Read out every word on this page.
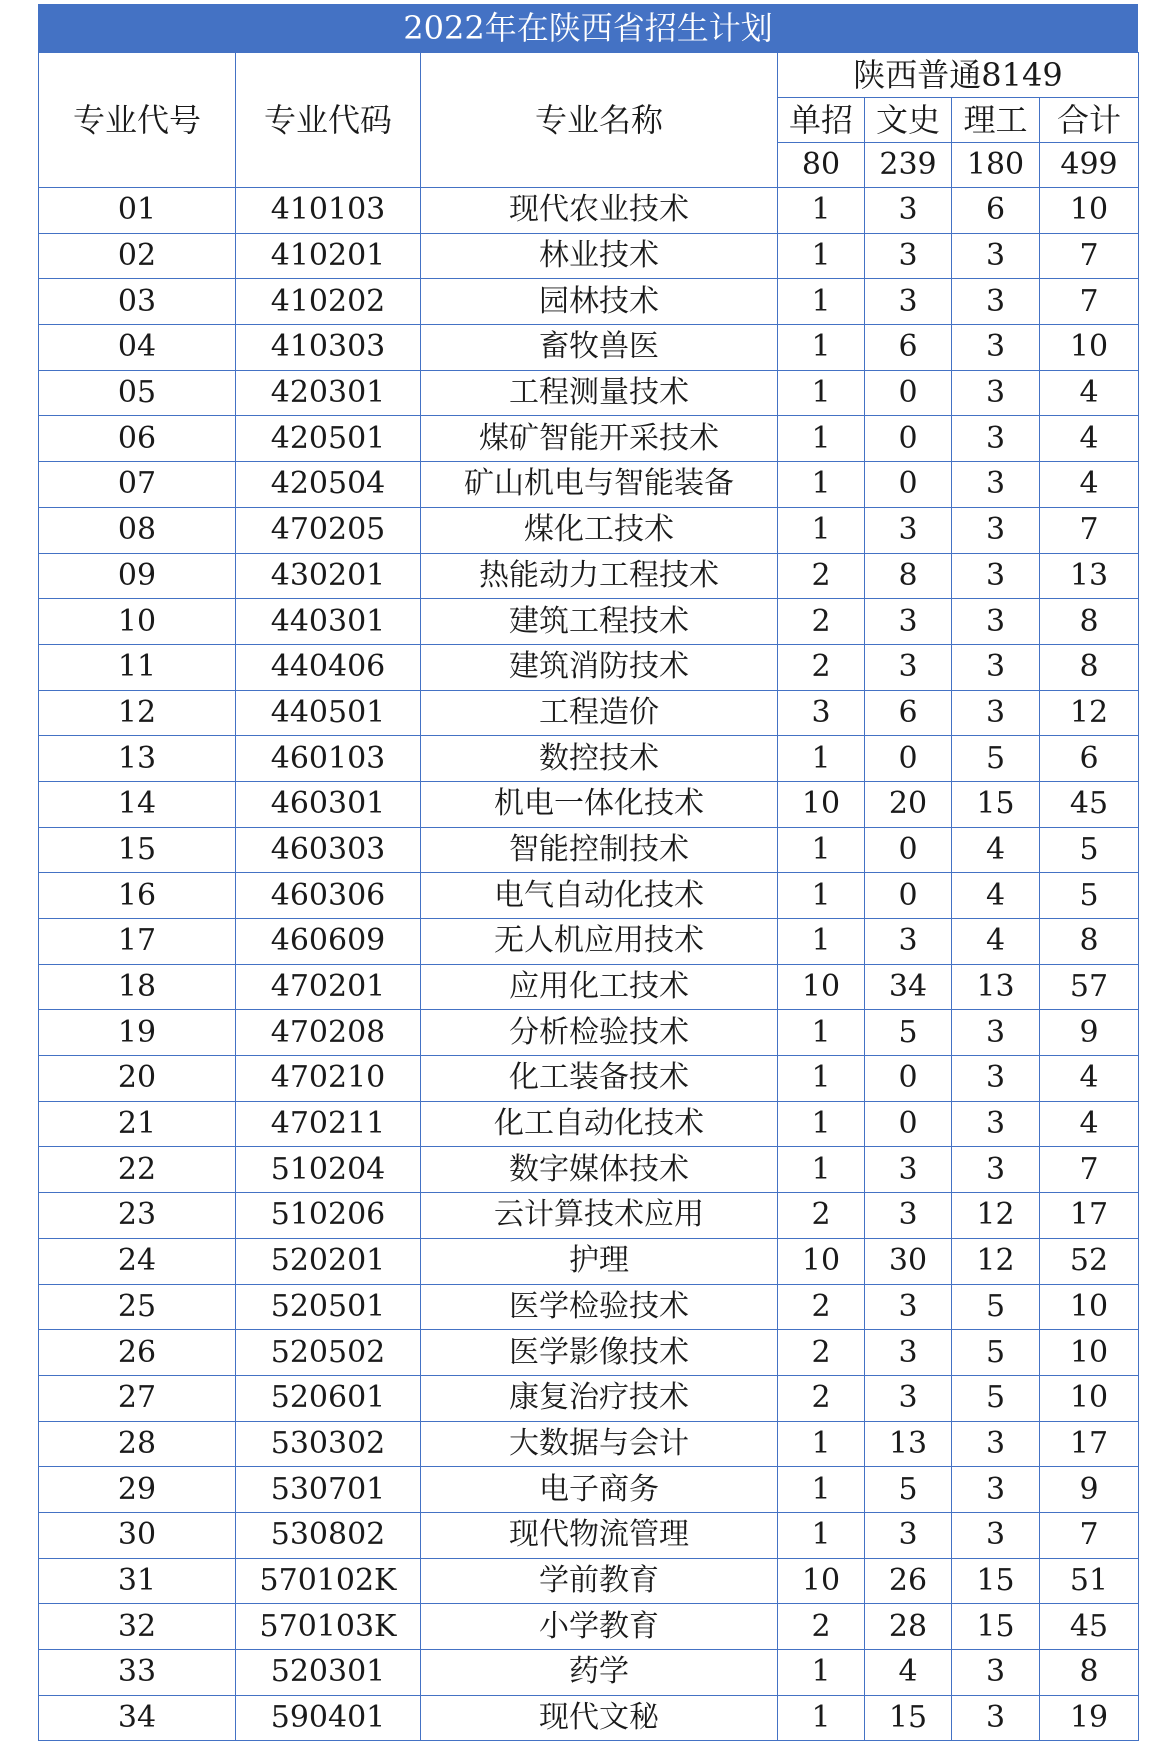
2022年在陕西省招生计划
专业代号	专业代码	专业名称	陕西普通8149			
			单招	文史	理工	合计
			80	239	180	499
01	410103	现代农业技术	1	3	6	10
02	410201	林业技术	1	3	3	7
03	410202	园林技术	1	3	3	7
04	410303	畜牧兽医	1	6	3	10
05	420301	工程测量技术	1	0	3	4
06	420501	煤矿智能开采技术	1	0	3	4
07	420504	矿山机电与智能装备	1	0	3	4
08	470205	煤化工技术	1	3	3	7
09	430201	热能动力工程技术	2	8	3	13
10	440301	建筑工程技术	2	3	3	8
11	440406	建筑消防技术	2	3	3	8
12	440501	工程造价	3	6	3	12
13	460103	数控技术	1	0	5	6
14	460301	机电一体化技术	10	20	15	45
15	460303	智能控制技术	1	0	4	5
16	460306	电气自动化技术	1	0	4	5
17	460609	无人机应用技术	1	3	4	8
18	470201	应用化工技术	10	34	13	57
19	470208	分析检验技术	1	5	3	9
20	470210	化工装备技术	1	0	3	4
21	470211	化工自动化技术	1	0	3	4
22	510204	数字媒体技术	1	3	3	7
23	510206	云计算技术应用	2	3	12	17
24	520201	护理	10	30	12	52
25	520501	医学检验技术	2	3	5	10
26	520502	医学影像技术	2	3	5	10
27	520601	康复治疗技术	2	3	5	10
28	530302	大数据与会计	1	13	3	17
29	530701	电子商务	1	5	3	9
30	530802	现代物流管理	1	3	3	7
31	570102K	学前教育	10	26	15	51
32	570103K	小学教育	2	28	15	45
33	520301	药学	1	4	3	8
34	590401	现代文秘	1	15	3	19
